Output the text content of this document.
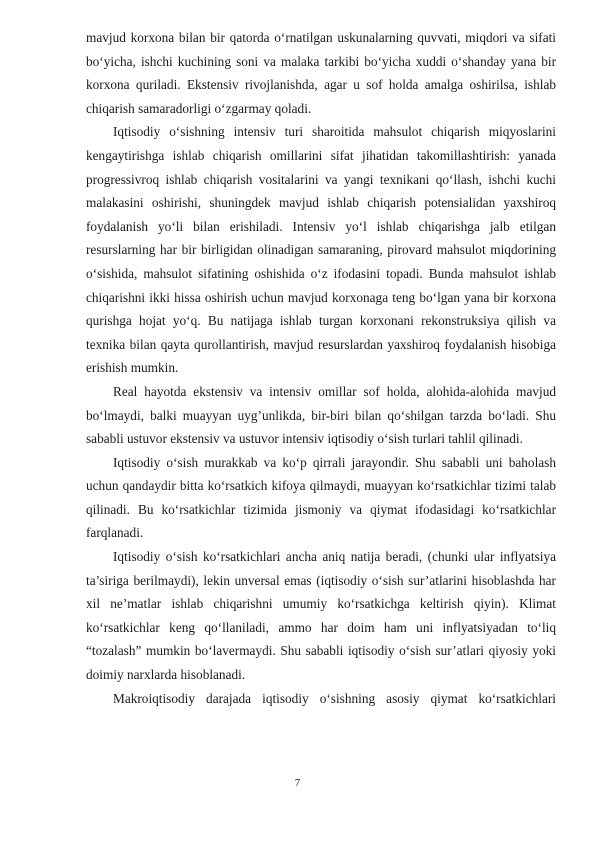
mavjud korxona bilan bir qatorda o‘rnatilgan uskunalarning quvvati, miqdori va sifati bo‘yicha, ishchi kuchining soni va malaka tarkibi bo‘yicha xuddi o‘shanday yana bir korxona quriladi. Ekstensiv rivojlanishda, agar u sof holda amalga oshirilsa, ishlab chiqarish samaradorligi o‘zgarmay qoladi.

Iqtisodiy o‘sishning intensiv turi sharoitida mahsulot chiqarish miqyoslarini kengaytirishga ishlab chiqarish omillarini sifat jihatidan takomillashtirish: yanada progressivroq ishlab chiqarish vositalarini va yangi texnikani qo‘llash, ishchi kuchi malakasini oshirishi, shuningdek mavjud ishlab chiqarish potensialidan yaxshiroq foydalanish yo‘li bilan erishiladi. Intensiv yo‘l ishlab chiqarishga jalb etilgan resurslarning har bir birligidan olinadigan samaraning, pirovard mahsulot miqdorining o‘sishida, mahsulot sifatining oshishida o‘z ifodasini topadi. Bunda mahsulot ishlab chiqarishni ikki hissa oshirish uchun mavjud korxonaga teng bo‘lgan yana bir korxona qurishga hojat yo‘q. Bu natijaga ishlab turgan korxonani rekonstruksiya qilish va texnika bilan qayta qurollantirish, mavjud resurslardan yaxshiroq foydalanish hisobiga erishish mumkin.

Real hayotda ekstensiv va intensiv omillar sof holda, alohida-alohida mavjud bo‘lmaydi, balki muayyan uyg’unlikda, bir-biri bilan qo‘shilgan tarzda bo‘ladi. Shu sababli ustuvor ekstensiv va ustuvor intensiv iqtisodiy o‘sish turlari tahlil qilinadi.

Iqtisodiy o‘sish murakkab va ko‘p qirrali jarayondir. Shu sababli uni baholash uchun qandaydir bitta ko‘rsatkich kifoya qilmaydi, muayyan ko‘rsatkichlar tizimi talab qilinadi. Bu ko‘rsatkichlar tizimida jismoniy va qiymat ifodasidagi ko‘rsatkichlar farqlanadi.

Iqtisodiy o‘sish ko‘rsatkichlari ancha aniq natija beradi, (chunki ular inflyatsiya ta’siriga berilmaydi), lekin unversal emas (iqtisodiy o‘sish sur’atlarini hisoblashda har xil ne’matlar ishlab chiqarishni umumiy ko‘rsatkichga keltirish qiyin). Klimat ko‘rsatkichlar keng qo‘llaniladi, ammo har doim ham uni inflyatsiyadan to‘liq “tozalash” mumkin bo‘lavermaydi. Shu sababli iqtisodiy o‘sish sur’atlari qiyosiy yoki doimiy narxlarda hisoblanadi.

Makroiqtisodiy darajada iqtisodiy o‘sishning asosiy qiymat ko‘rsatkichlari

7
